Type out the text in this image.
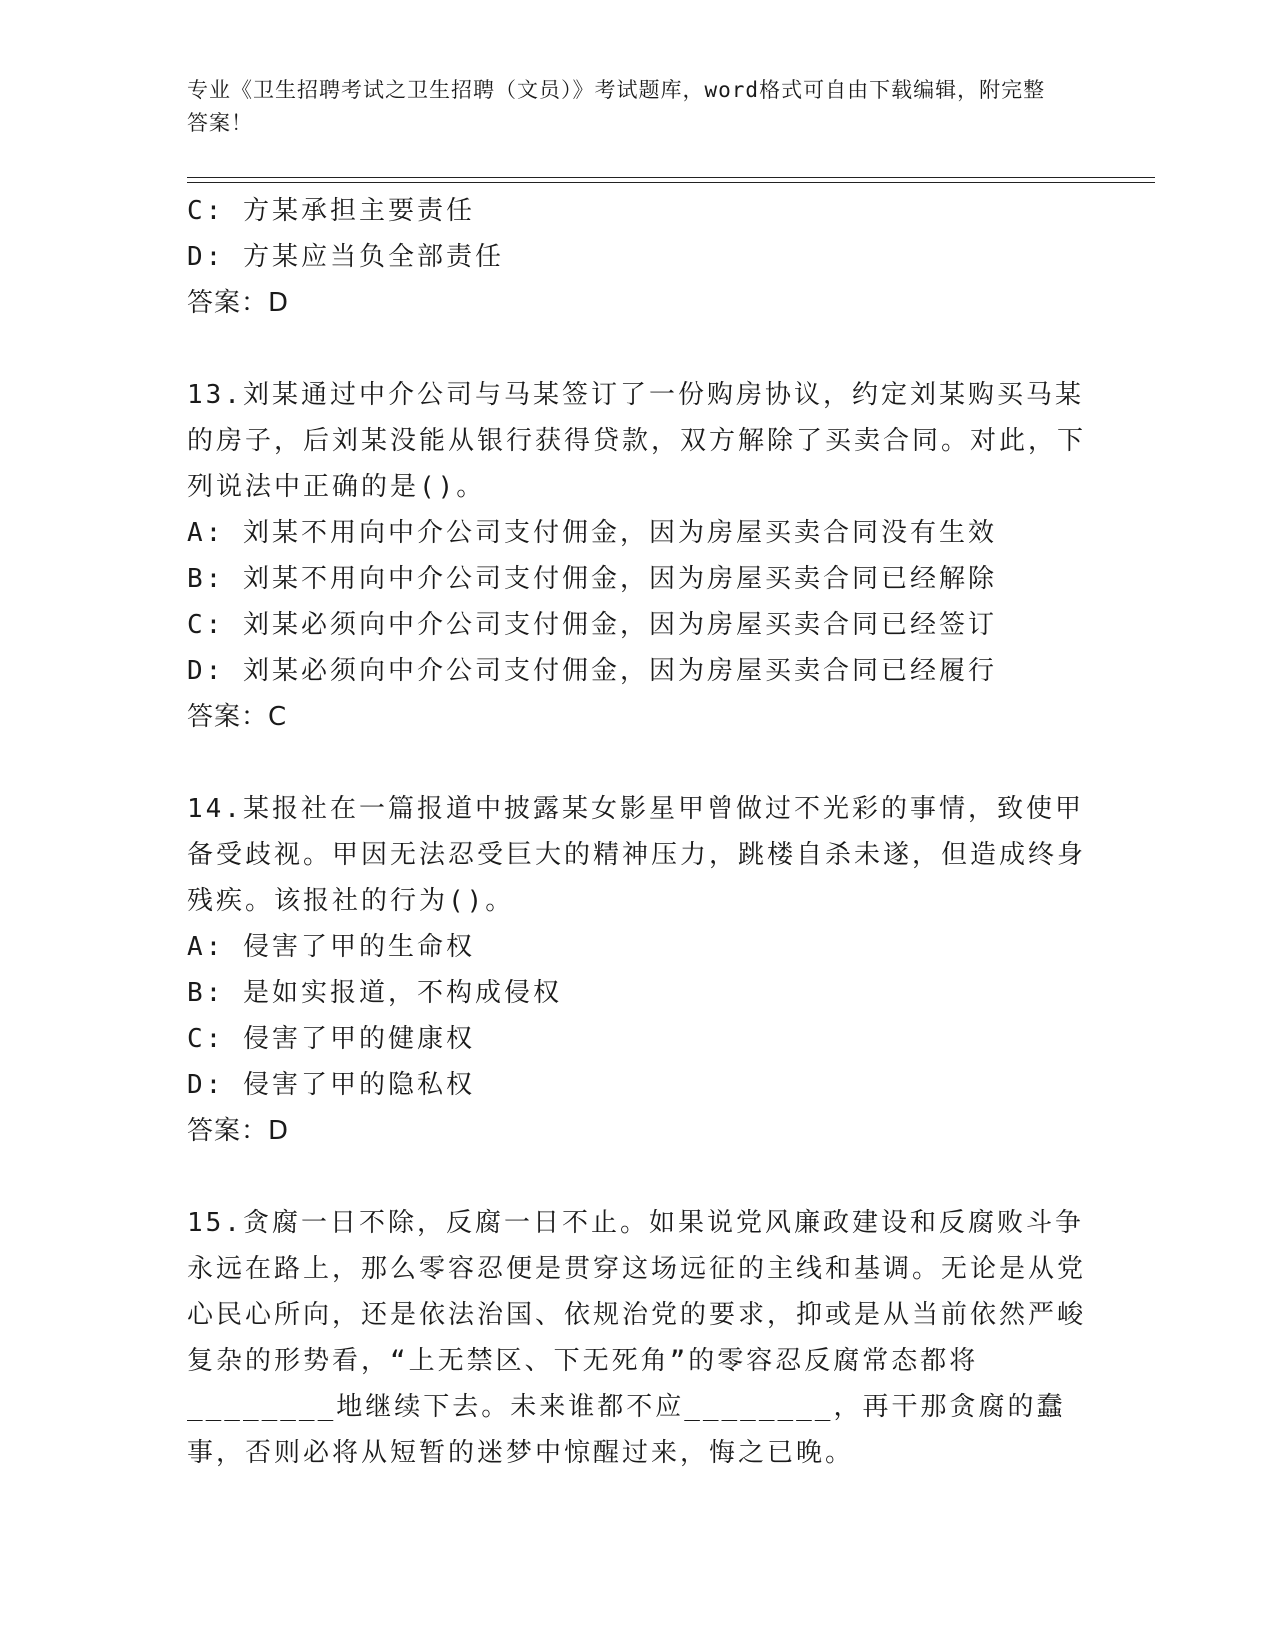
专业《卫生招聘考试之卫生招聘（文员）》考试题库，word格式可自由下载编辑，附完整答案！
C: 方某承担主要责任
D: 方某应当负全部责任
答案：D
13.刘某通过中介公司与马某签订了一份购房协议，约定刘某购买马某的房子，后刘某没能从银行获得贷款，双方解除了买卖合同。对此，下列说法中正确的是()。
A: 刘某不用向中介公司支付佣金，因为房屋买卖合同没有生效
B: 刘某不用向中介公司支付佣金，因为房屋买卖合同已经解除
C: 刘某必须向中介公司支付佣金，因为房屋买卖合同已经签订
D: 刘某必须向中介公司支付佣金，因为房屋买卖合同已经履行
答案：C
14.某报社在一篇报道中披露某女影星甲曾做过不光彩的事情，致使甲备受歧视。甲因无法忍受巨大的精神压力，跳楼自杀未遂，但造成终身残疾。该报社的行为()。
A: 侵害了甲的生命权
B: 是如实报道，不构成侵权
C: 侵害了甲的健康权
D: 侵害了甲的隐私权
答案：D
15.贪腐一日不除，反腐一日不止。如果说党风廉政建设和反腐败斗争永远在路上，那么零容忍便是贯穿这场远征的主线和基调。无论是从党心民心所向，还是依法治国、依规治党的要求，抑或是从当前依然严峻复杂的形势看，“上无禁区、下无死角”的零容忍反腐常态都将________地继续下去。未来谁都不应________，再干那贪腐的蠢事，否则必将从短暂的迷梦中惊醒过来，悔之已晚。
